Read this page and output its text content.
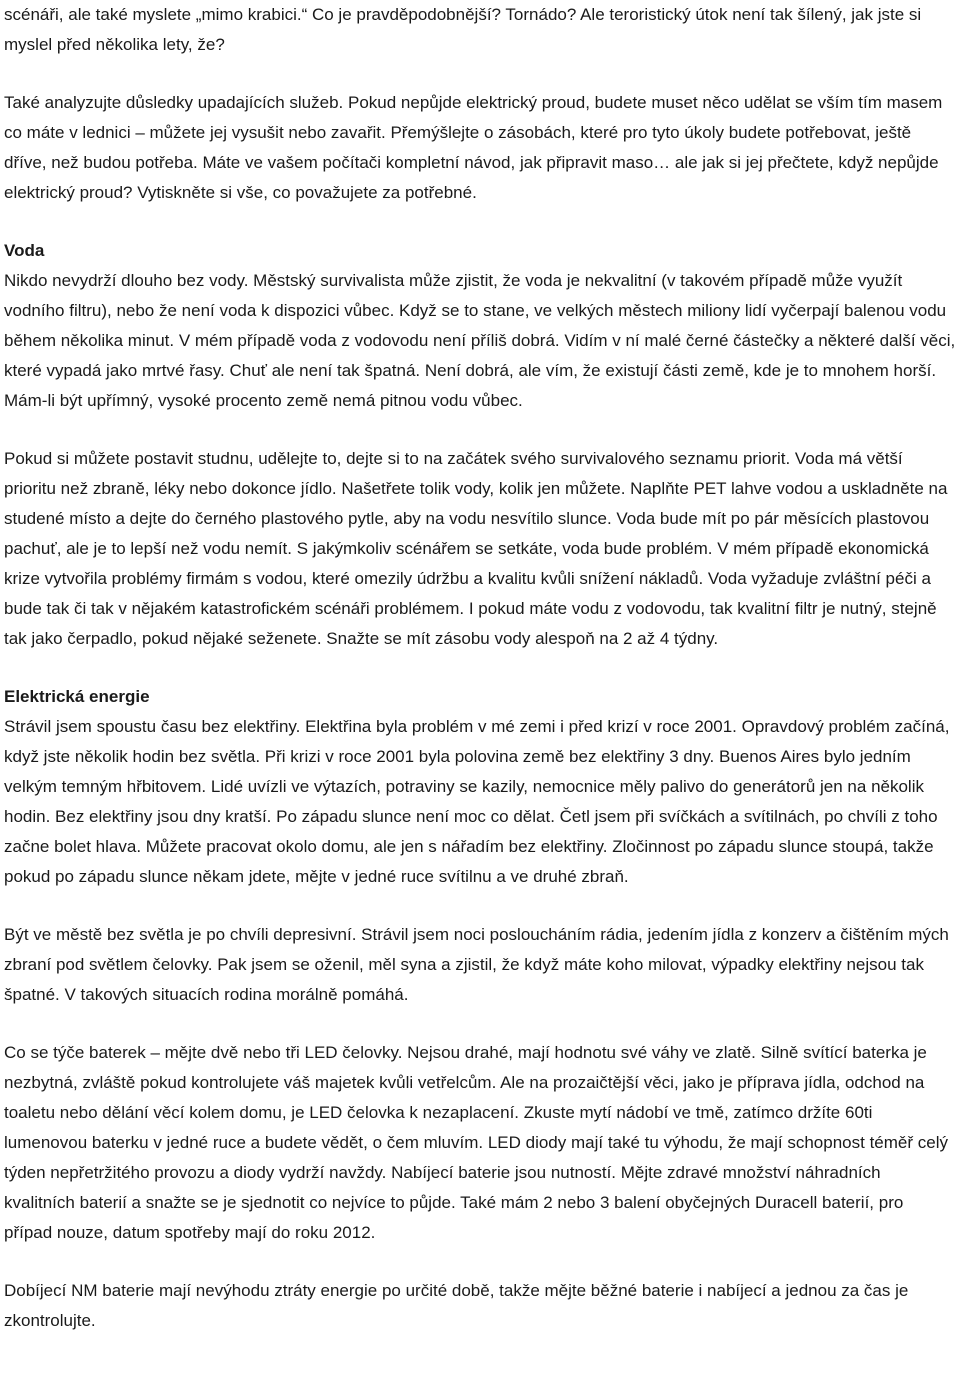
scénáři, ale také myslete „mimo krabici.“ Co je pravděpodobnější? Tornádo? Ale teroristický útok není tak šílený, jak jste si myslel před několika lety, že?

Také analyzujte důsledky upadajících služeb. Pokud nepůjde elektrický proud, budete muset něco udělat se vším tím masem co máte v lednici – můžete jej vysušit nebo zavařit. Přemýšlejte o zásobách, které pro tyto úkoly budete potřebovat, ještě dříve, než budou potřeba. Máte ve vašem počítači kompletní návod, jak připravit maso… ale jak si jej přečtete, když nepůjde elektrický proud? Vytiskněte si vše, co považujete za potřebné.

Voda

Nikdo nevydrží dlouho bez vody. Městský survivalista může zjistit, že voda je nekvalitní (v takovém případě může využít vodního filtru), nebo že není voda k dispozici vůbec. Když se to stane, ve velkých městech miliony lidí vyčerpají balenou vodu během několika minut. V mém případě voda z vodovodu není příliš dobrá. Vidím v ní malé černé částečky a některé další věci, které vypadá jako mrtvé řasy. Chuť ale není tak špatná. Není dobrá, ale vím, že existují části země, kde je to mnohem horší. Mám-li být upřímný, vysoké procento země nemá pitnou vodu vůbec.

Pokud si můžete postavit studnu, udělejte to, dejte si to na začátek svého survivalového seznamu priorit. Voda má větší prioritu než zbraně, léky nebo dokonce jídlo. Našetřete tolik vody, kolik jen můžete. Naplňte PET lahve vodou a uskladněte na studené místo a dejte do černého plastového pytle, aby na vodu nesvítilo slunce. Voda bude mít po pár měsících plastovou pachuť, ale je to lepší než vodu nemít. S jakýmkoliv scénářem se setkáte, voda bude problém. V mém případě ekonomická krize vytvořila problémy firmám s vodou, které omezily údržbu a kvalitu kvůli snížení nákladů. Voda vyžaduje zvláštní péči a bude tak či tak v nějakém katastrofickém scénáři problémem. I pokud máte vodu z vodovodu, tak kvalitní filtr je nutný, stejně tak jako čerpadlo, pokud nějaké seženete. Snažte se mít zásobu vody alespoň na 2 až 4 týdny.

Elektrická energie

Strávil jsem spoustu času bez elektřiny. Elektřina byla problém v mé zemi i před krizí v roce 2001. Opravdový problém začíná, když jste několik hodin bez světla. Při krizi v roce 2001 byla polovina země bez elektřiny 3 dny. Buenos Aires bylo jedním velkým temným hřbitovem. Lidé uvízli ve výtazích, potraviny se kazily, nemocnice měly palivo do generátorů jen na několik hodin. Bez elektřiny jsou dny kratší. Po západu slunce není moc co dělat. Četl jsem při svíčkách a svítilnách, po chvíli z toho začne bolet hlava. Můžete pracovat okolo domu, ale jen s nářadím bez elektřiny. Zločinnost po západu slunce stoupá, takže pokud po západu slunce někam jdete, mějte v jedné ruce svítilnu a ve druhé zbraň.

Být ve městě bez světla je po chvíli depresivní. Strávil jsem noci posloucháním rádia, jedením jídla z konzerv a čištěním mých zbraní pod světlem čelovky. Pak jsem se oženil, měl syna a zjistil, že když máte koho milovat, výpadky elektřiny nejsou tak špatné. V takových situacích rodina morálně pomáhá.

Co se týče baterek – mějte dvě nebo tři LED čelovky. Nejsou drahé, mají hodnotu své váhy ve zlatě. Silně svítící baterka je nezbytná, zvláště pokud kontrolujete váš majetek kvůli vetřelcům. Ale na prozaičtější věci, jako je příprava jídla, odchod na toaletu nebo dělání věcí kolem domu, je LED čelovka k nezaplacení. Zkuste mytí nádobí ve tmě, zatímco držíte 60ti lumenovou baterku v jedné ruce a budete vědět, o čem mluvím. LED diody mají také tu výhodu, že mají schopnost téměř celý týden nepřetržitého provozu a diody vydrží navždy. Nabíjecí baterie jsou nutností. Mějte zdravé množství náhradních kvalitních baterií a snažte se je sjednotit co nejvíce to půjde. Také mám 2 nebo 3 balení obyčejných Duracell baterií, pro případ nouze, datum spotřeby mají do roku 2012.

Dobíjecí NM baterie mají nevýhodu ztráty energie po určité době, takže mějte běžné baterie i nabíjecí a jednou za čas je zkontrolujte.
